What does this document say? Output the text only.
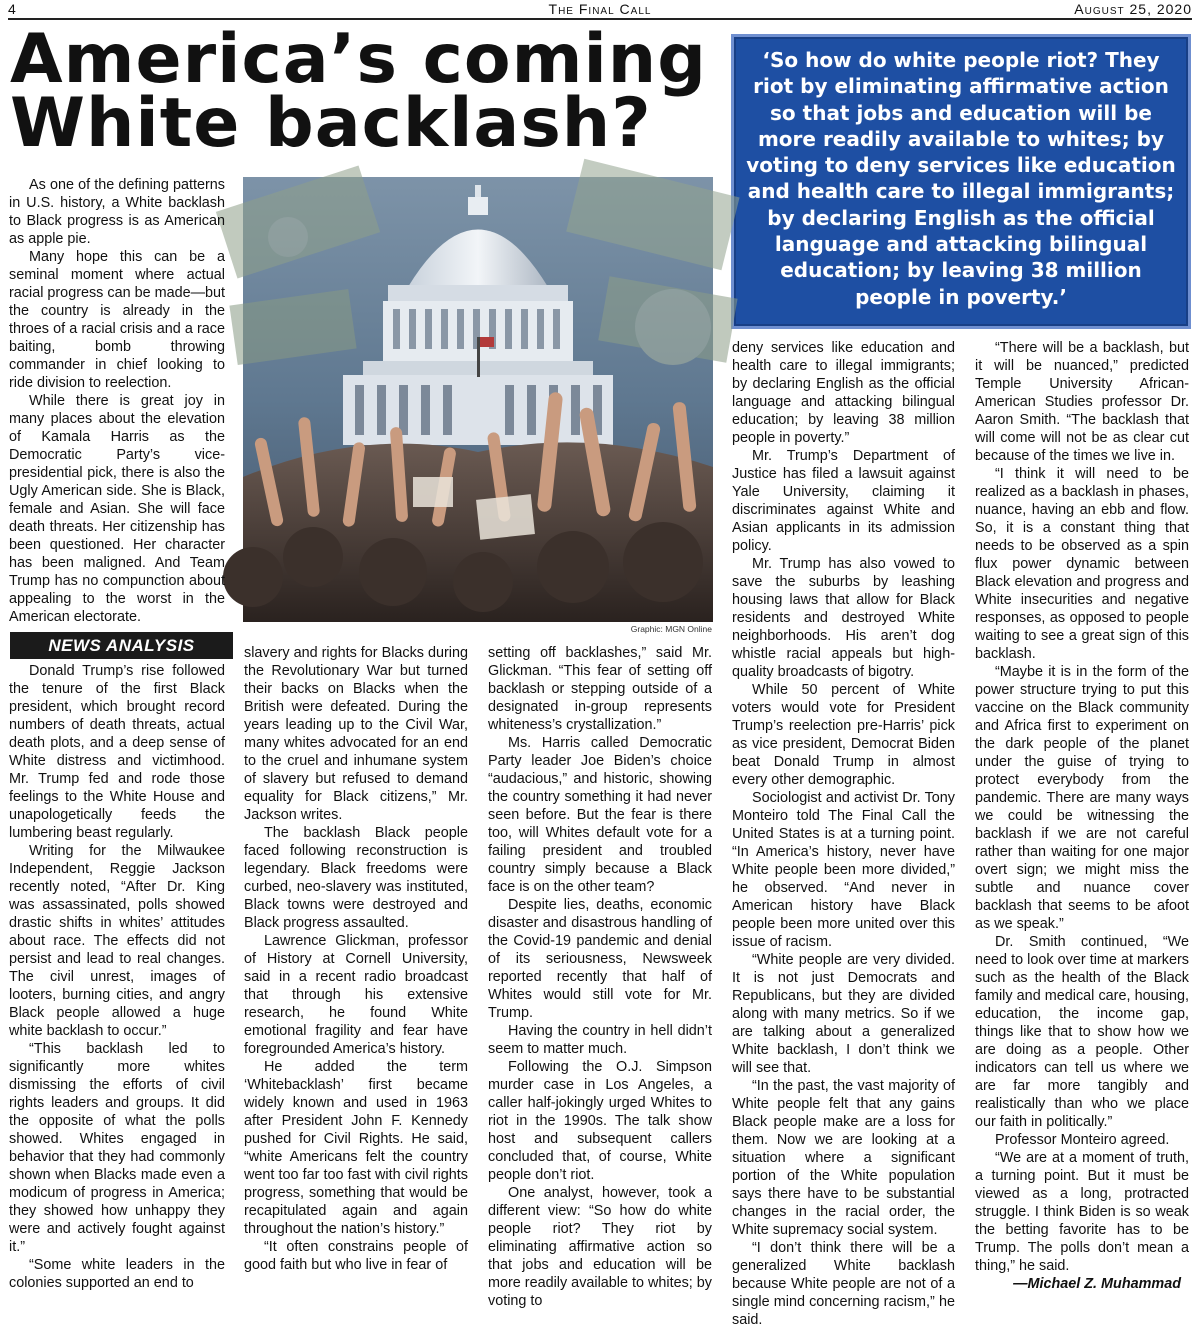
4	The Final Call	August 25, 2020
America’s coming
White backlash?
‘So how do white people riot? They riot by eliminating affirmative action so that jobs and education will be more readily available to whites; by voting to deny services like education and health care to illegal immigrants; by declaring English as the official language and attacking bilingual education; by leaving 38 million people in poverty.’
Graphic: MGN Online
NEWS ANALYSIS

As one of the defining patterns in U.S. history, a White backlash to Black progress is as American as apple pie.

Many hope this can be a seminal moment where actual racial progress can be made—but the country is already in the throes of a racial crisis and a race baiting, bomb throwing commander in chief looking to ride division to reelection.

While there is great joy in many places about the elevation of Kamala Harris as the Democratic Party’s vice-presidential pick, there is also the Ugly American side. She is Black, female and Asian. She will face death threats. Her citizenship has been questioned. Her character has been maligned. And Team Trump has no compunction about appealing to the worst in the American electorate.

Donald Trump’s rise followed the tenure of the first Black president, which brought record numbers of death threats, actual death plots, and a deep sense of White distress and victimhood. Mr. Trump fed and rode those feelings to the White House and unapologetically feeds the lumbering beast regularly.

Writing for the Milwaukee Independent, Reggie Jackson recently noted, “After Dr. King was assassinated, polls showed drastic shifts in whites’ attitudes about race. The effects did not persist and lead to real changes. The civil unrest, images of looters, burning cities, and angry Black people allowed a huge white backlash to occur.”

“This backlash led to significantly more whites dismissing the efforts of civil rights leaders and groups. It did the opposite of what the polls showed. Whites engaged in behavior that they had commonly shown when Blacks made even a modicum of progress in America; they showed how unhappy they were and actively fought against it.”

“Some white leaders in the colonies supported an end to

slavery and rights for Blacks during the Revolutionary War but turned their backs on Blacks when the British were defeated. During the years leading up to the Civil War, many whites advocated for an end to the cruel and inhumane system of slavery but refused to demand equality for Black citizens,” Mr. Jackson writes.

The backlash Black people faced following reconstruction is legendary. Black freedoms were curbed, neo-slavery was instituted, Black towns were destroyed and Black progress assaulted.

Lawrence Glickman, professor of History at Cornell University, said in a recent radio broadcast that through his extensive research, he found White emotional fragility and fear have foregrounded America’s history.

He added the term ‘Whitebacklash’ first became widely known and used in 1963 after President John F. Kennedy pushed for Civil Rights. He said, “white Americans felt the country went too far too fast with civil rights progress, something that would be recapitulated again and again throughout the nation’s history.”

“It often constrains people of good faith but who live in fear of

setting off backlashes,” said Mr. Glickman. “This fear of setting off backlash or stepping outside of a designated in-group represents whiteness’s crystallization.”

Ms. Harris called Democratic Party leader Joe Biden’s choice “audacious,” and historic, showing the country something it had never seen before. But the fear is there too, will Whites default vote for a failing president and troubled country simply because a Black face is on the other team?

Despite lies, deaths, economic disaster and disastrous handling of the Covid-19 pandemic and denial of its seriousness, Newsweek reported recently that half of Whites would still vote for Mr. Trump.

Having the country in hell didn’t seem to matter much.

Following the O.J. Simpson murder case in Los Angeles, a caller half-jokingly urged Whites to riot in the 1990s. The talk show host and subsequent callers concluded that, of course, White people don’t riot.

One analyst, however, took a different view: “So how do white people riot? They riot by eliminating affirmative action so that jobs and education will be more readily available to whites; by voting to

deny services like education and health care to illegal immigrants; by declaring English as the official language and attacking bilingual education; by leaving 38 million people in poverty.”

Mr. Trump’s Department of Justice has filed a lawsuit against Yale University, claiming it discriminates against White and Asian applicants in its admission policy.

Mr. Trump has also vowed to save the suburbs by leashing housing laws that allow for Black residents and destroyed White neighborhoods. His aren’t dog whistle racial appeals but high-quality broadcasts of bigotry.

While 50 percent of White voters would vote for President Trump’s reelection pre-Harris’ pick as vice president, Democrat Biden beat Donald Trump in almost every other demographic.

Sociologist and activist Dr. Tony Monteiro told The Final Call the United States is at a turning point. “In America’s history, never have White people been more divided,” he observed. “And never in American history have Black people been more united over this issue of racism.

“White people are very divided. It is not just Democrats and Republicans, but they are divided along with many metrics. So if we are talking about a generalized White backlash, I don’t think we will see that.

“In the past, the vast majority of White people felt that any gains Black people make are a loss for them. Now we are looking at a situation where a significant portion of the White population says there have to be substantial changes in the racial order, the White supremacy social system.

“I don’t think there will be a generalized White backlash because White people are not of a single mind concerning racism,” he said.

“There will be a backlash, but it will be nuanced,” predicted Temple University African-American Studies professor Dr. Aaron Smith. “The backlash that will come will not be as clear cut because of the times we live in.

“I think it will need to be realized as a backlash in phases, nuance, having an ebb and flow. So, it is a constant thing that needs to be observed as a spin flux power dynamic between Black elevation and progress and White insecurities and negative responses, as opposed to people waiting to see a great sign of this backlash.

“Maybe it is in the form of the power structure trying to put this vaccine on the Black community and Africa first to experiment on the dark people of the planet under the guise of trying to protect everybody from the pandemic. There are many ways we could be witnessing the backlash if we are not careful rather than waiting for one major overt sign; we might miss the subtle and nuance cover backlash that seems to be afoot as we speak.”

Dr. Smith continued, “We need to look over time at markers such as the health of the Black family and medical care, housing, education, the income gap, things like that to show how we are doing as a people. Other indicators can tell us where we are far more tangibly and realistically than who we place our faith in politically.”

Professor Monteiro agreed.

“We are at a moment of truth, a turning point. But it must be viewed as a long, protracted struggle. I think Biden is so weak the betting favorite has to be Trump. The polls don’t mean a thing,” he said.

—Michael Z. Muhammad
